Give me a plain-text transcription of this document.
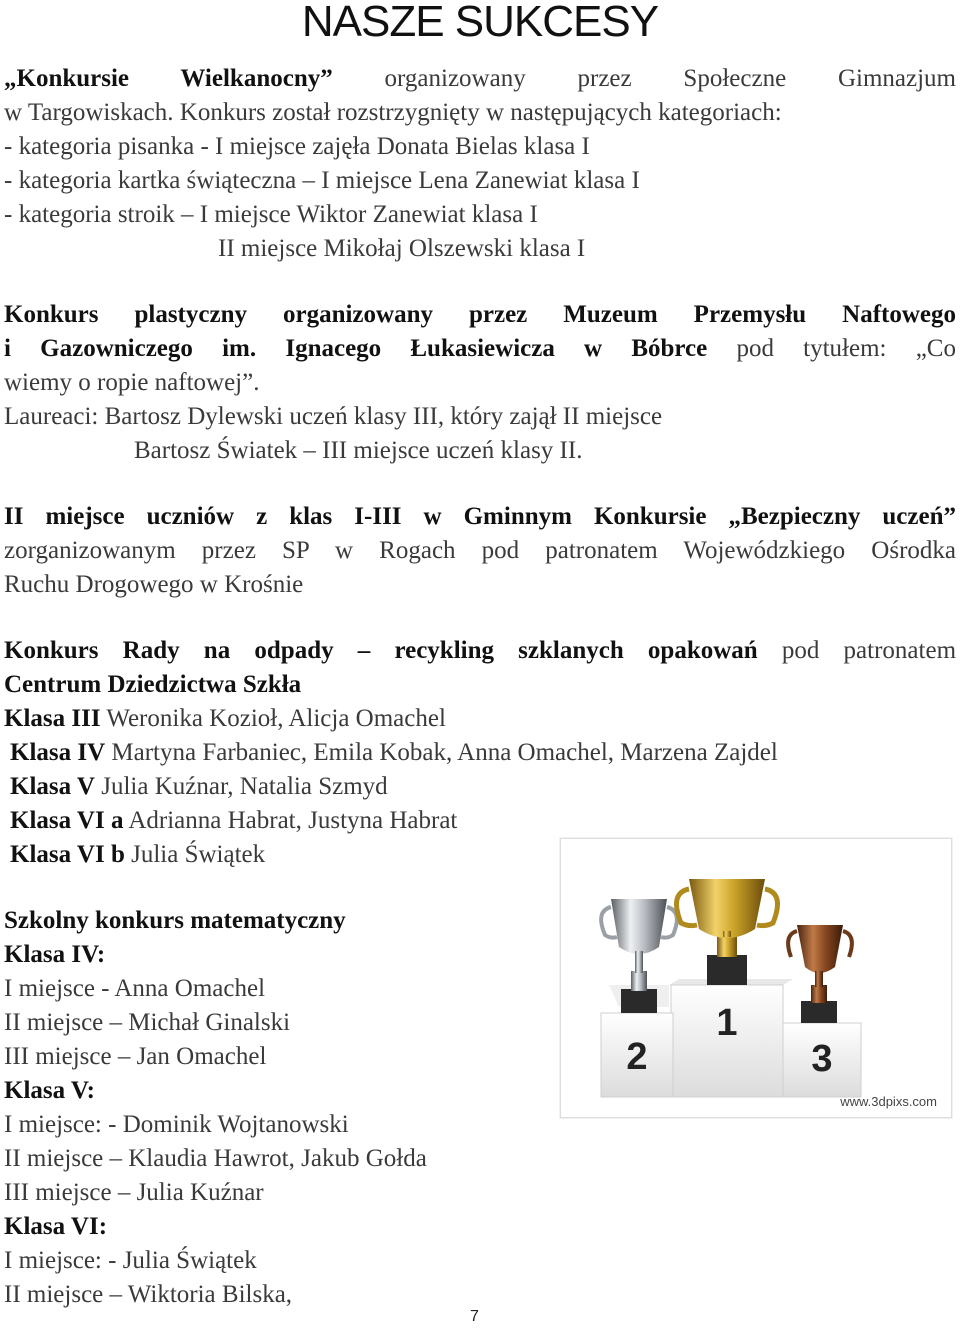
NASZE SUKCESY
„Konkursie Wielkanocny” organizowany przez Społeczne Gimnazjum
w Targowiskach. Konkurs został rozstrzygnięty w następujących kategoriach:
- kategoria pisanka - I miejsce zajęła Donata Bielas klasa I
- kategoria kartka świąteczna – I miejsce Lena Zanewiat klasa I
- kategoria stroik – I miejsce Wiktor Zanewiat klasa I
II miejsce Mikołaj Olszewski klasa I
Konkurs plastyczny organizowany przez Muzeum Przemysłu Naftowego
i Gazowniczego im. Ignacego Łukasiewicza w Bóbrce pod tytułem: „Co
wiemy o ropie naftowej”.
Laureaci: Bartosz Dylewski uczeń klasy III, który zajął II miejsce
Bartosz Światek – III miejsce uczeń klasy II.
II miejsce uczniów z klas I-III w Gminnym Konkursie „Bezpieczny uczeń”
zorganizowanym przez SP w Rogach pod patronatem Wojewódzkiego Ośrodka
Ruchu Drogowego w Krośnie
Konkurs Rady na odpady – recykling szklanych opakowań pod patronatem
Centrum Dziedzictwa Szkła
Klasa III Weronika Kozioł, Alicja Omachel
Klasa IV Martyna Farbaniec, Emila Kobak, Anna Omachel, Marzena Zajdel
Klasa V Julia Kuźnar, Natalia Szmyd
Klasa VI a Adrianna Habrat, Justyna Habrat
Klasa VI b Julia Świątek
Szkolny konkurs matematyczny
Klasa IV:
I miejsce - Anna Omachel
II miejsce – Michał Ginalski
III miejsce – Jan Omachel
Klasa V:
I miejsce: - Dominik Wojtanowski
II miejsce – Klaudia Hawrot, Jakub Gołda
III miejsce – Julia Kuźnar
Klasa VI:
I miejsce: - Julia Świątek
II miejsce – Wiktoria Bilska,
1
2	3
www.3dpixs.com
7
